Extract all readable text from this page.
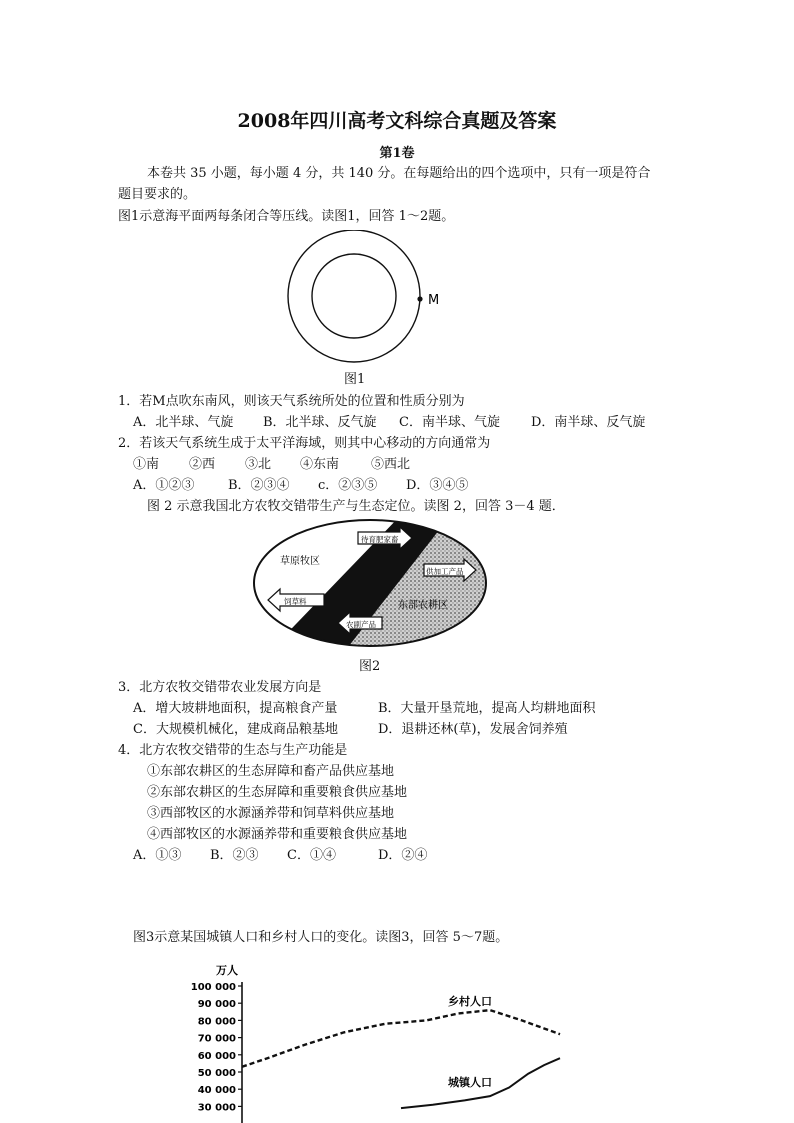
2008年四川高考文科综合真题及答案
第1卷
本卷共 35 小题，每小题 4 分，共 140 分。在每题给出的四个选项中，只有一项是符合
题目要求的。
图1示意海平面两每条闭合等压线。读图1，回答 1～2题。
M
图1
1．若M点吹东南风，则该天气系统所处的位置和性质分别为
A．北半球、气旋 B．北半球、反气旋 C．南半球、气旋 D．南半球、反气旋
2．若该天气系统生成于太平洋海域，则其中心移动的方向通常为
①南 ②西 ③北 ④东南 ⑤西北
A．①②③	B．②③④ c．②③⑤ D．③④⑤
图 2 示意我国北方农牧交错带生产与生态定位。读图 2，回答 3－4 题．
草原牧区
东部农耕区
待育肥家畜
供加工产品
饲草料
农副产品
图2
3．北方农牧交错带农业发展方向是
A．增大坡耕地面积，提高粮食产量	B．大量开垦荒地，提高人均耕地面积
C．大规模机械化，建成商品粮基地	D．退耕还林(草)，发展舍饲养殖
4．北方农牧交错带的生态与生产功能是
①东部农耕区的生态屏障和畜产品供应基地
②东部农耕区的生态屏障和重要粮食供应基地
③西部牧区的水源涵养带和饲草料供应基地
④西部牧区的水源涵养带和重要粮食供应基地
A．①③ B．②③ C．①④	D．②④
图3示意某国城镇人口和乡村人口的变化。读图3，回答 5～7题。
万人
100 000
90 000
80 000
70 000
60 000
50 000
40 000
30 000
乡村人口
城镇人口
